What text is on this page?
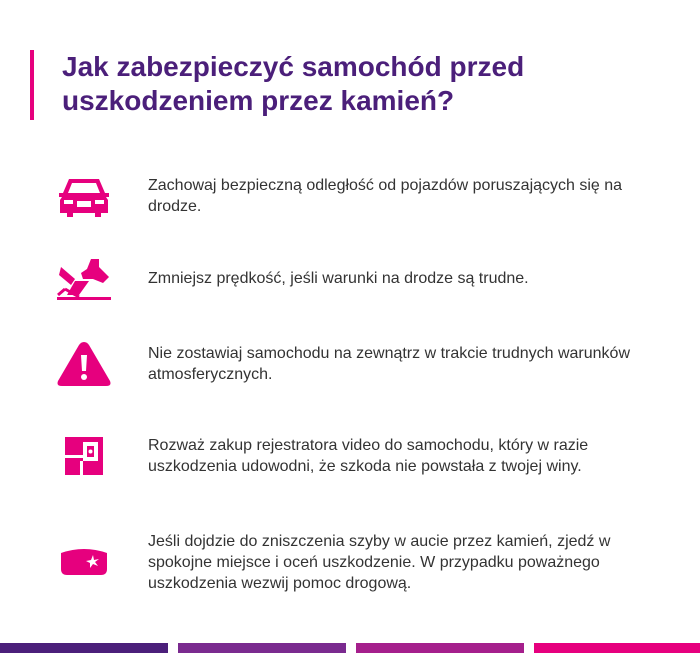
Jak zabezpieczyć samochód przed uszkodzeniem przez kamień?
Zachowaj bezpieczną odległość od pojazdów poruszających się na drodze.
Zmniejsz prędkość, jeśli warunki na drodze są trudne.
Nie zostawiaj samochodu na zewnątrz w trakcie trudnych warunków atmosferycznych.
Rozważ zakup rejestratora video do samochodu, który w razie uszkodzenia udowodni, że szkoda nie powstała z twojej winy.
Jeśli dojdzie do zniszczenia szyby w aucie przez kamień, zjedź w spokojne miejsce i oceń uszkodzenie. W przypadku poważnego uszkodzenia wezwij pomoc drogową.
